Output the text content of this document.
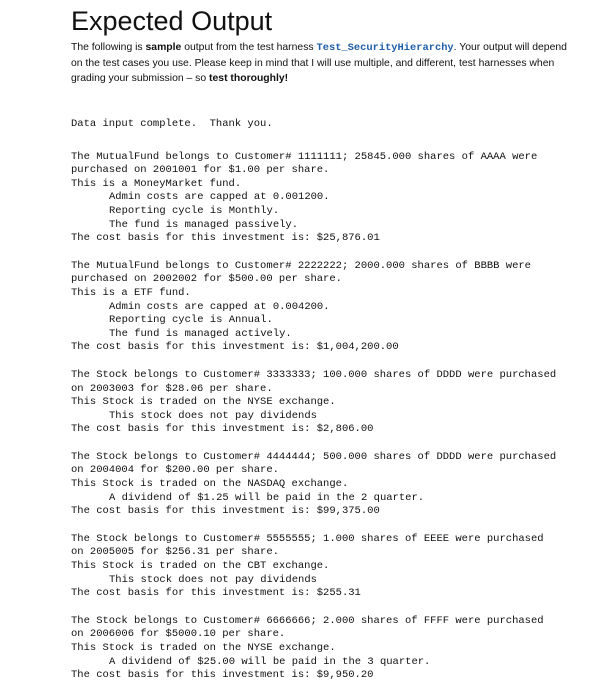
Expected Output

The following is sample output from the test harness Test_SecurityHierarchy. Your output will depend on the test cases you use. Please keep in mind that I will use multiple, and different, test harnesses when grading your submission – so test thoroughly!

Data input complete.  Thank you.
The MutualFund belongs to Customer# 1111111; 25845.000 shares of AAAA were
purchased on 2001001 for $1.00 per share.
This is a MoneyMarket fund.
Admin costs are capped at 0.001200.
Reporting cycle is Monthly.
The fund is managed passively.
The cost basis for this investment is: $25,876.01
The MutualFund belongs to Customer# 2222222; 2000.000 shares of BBBB were
purchased on 2002002 for $500.00 per share.
This is a ETF fund.
Admin costs are capped at 0.004200.
Reporting cycle is Annual.
The fund is managed actively.
The cost basis for this investment is: $1,004,200.00
The Stock belongs to Customer# 3333333; 100.000 shares of DDDD were purchased
on 2003003 for $28.06 per share.
This Stock is traded on the NYSE exchange.
This stock does not pay dividends
The cost basis for this investment is: $2,806.00
The Stock belongs to Customer# 4444444; 500.000 shares of DDDD were purchased
on 2004004 for $200.00 per share.
This Stock is traded on the NASDAQ exchange.
A dividend of $1.25 will be paid in the 2 quarter.
The cost basis for this investment is: $99,375.00
The Stock belongs to Customer# 5555555; 1.000 shares of EEEE were purchased
on 2005005 for $256.31 per share.
This Stock is traded on the CBT exchange.
This stock does not pay dividends
The cost basis for this investment is: $255.31
The Stock belongs to Customer# 6666666; 2.000 shares of FFFF were purchased
on 2006006 for $5000.10 per share.
This Stock is traded on the NYSE exchange.
A dividend of $25.00 will be paid in the 3 quarter.
The cost basis for this investment is: $9,950.20
